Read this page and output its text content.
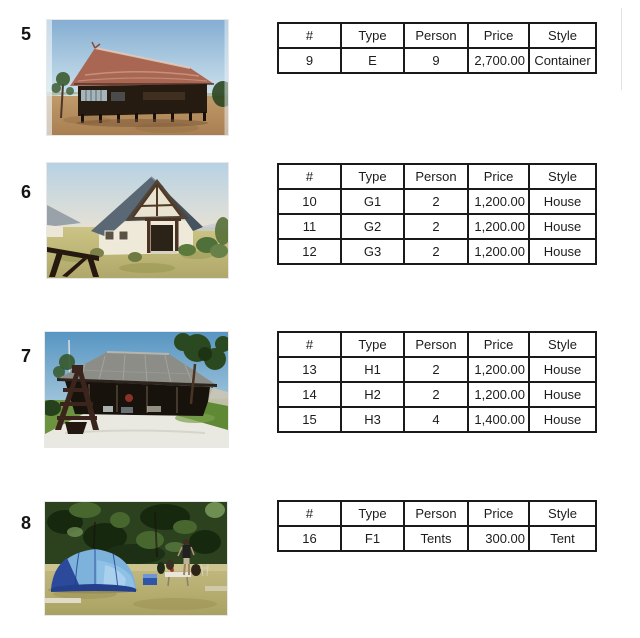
5	#	Type	Person	Price	Style
9	E	9	2,700.00	Container
6
#	Type	Person	Price	Style
10	G1	2	1,200.00	House
11	G2	2	1,200.00	House
12	G3	2	1,200.00	House
7
#	Type	Person	Price	Style
13	H1	2	1,200.00	House
14	H2	2	1,200.00	House
15	H3	4	1,400.00	House
8	#	Type	Person	Price	Style
16	F1	Tents	300.00	Tent
